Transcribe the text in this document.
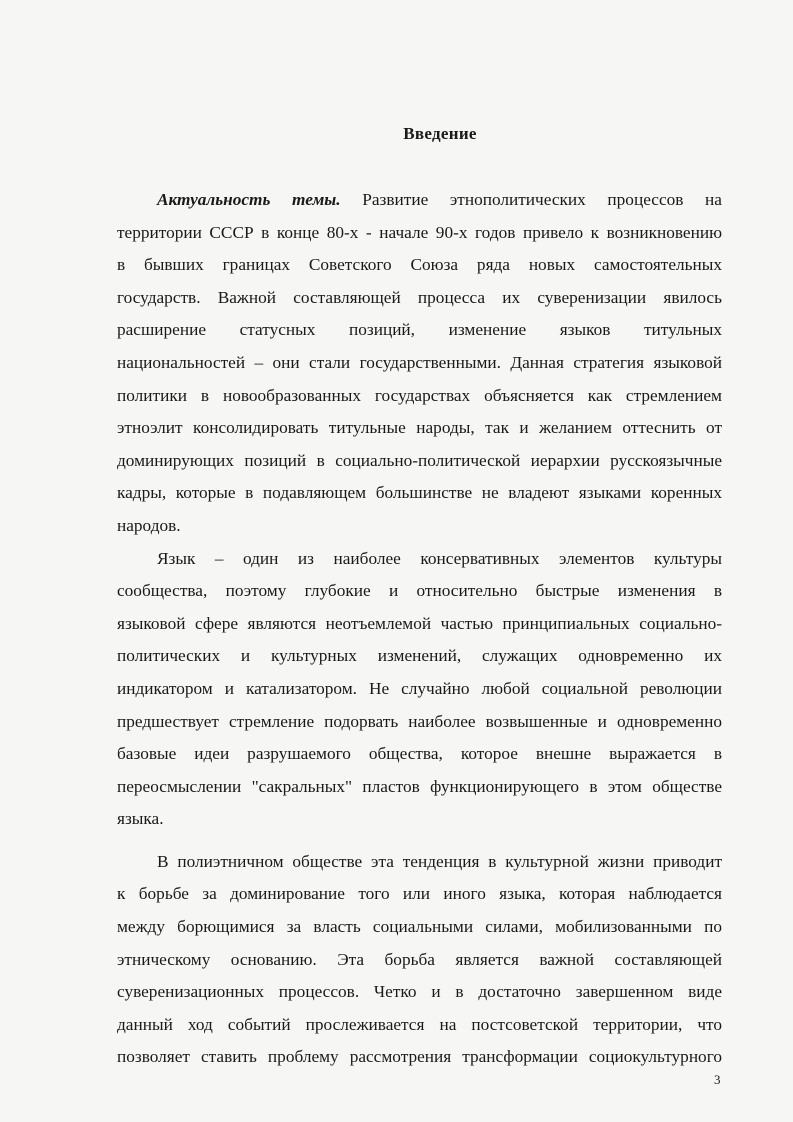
Введение
Актуальность темы. Развитие этнополитических процессов на
территории СССР в конце 80-х - начале 90-х годов привело к возникновению
в бывших границах Советского Союза ряда новых самостоятельных
государств. Важной составляющей процесса их суверенизации явилось
расширение статусных позиций, изменение языков титульных
национальностей – они стали государственными. Данная стратегия языковой
политики в новообразованных государствах объясняется как стремлением
этноэлит консолидировать титульные народы, так и желанием оттеснить от
доминирующих позиций в социально-политической иерархии русскоязычные
кадры, которые в подавляющем большинстве не владеют языками коренных
народов.
Язык – один из наиболее консервативных элементов культуры
сообщества, поэтому глубокие и относительно быстрые изменения в
языковой сфере являются неотъемлемой частью принципиальных социально-
политических и культурных изменений, служащих одновременно их
индикатором и катализатором. Не случайно любой социальной революции
предшествует стремление подорвать наиболее возвышенные и одновременно
базовые идеи разрушаемого общества, которое внешне выражается в
переосмыслении "сакральных" пластов функционирующего в этом обществе
языка.
В полиэтничном обществе эта тенденция в культурной жизни приводит
к борьбе за доминирование того или иного языка, которая наблюдается
между борющимися за власть социальными силами, мобилизованными по
этническому основанию. Эта борьба является важной составляющей
суверенизационных процессов. Четко и в достаточно завершенном виде
данный ход событий прослеживается на постсоветской территории, что
позволяет ставить проблему рассмотрения трансформации социокультурного
3
